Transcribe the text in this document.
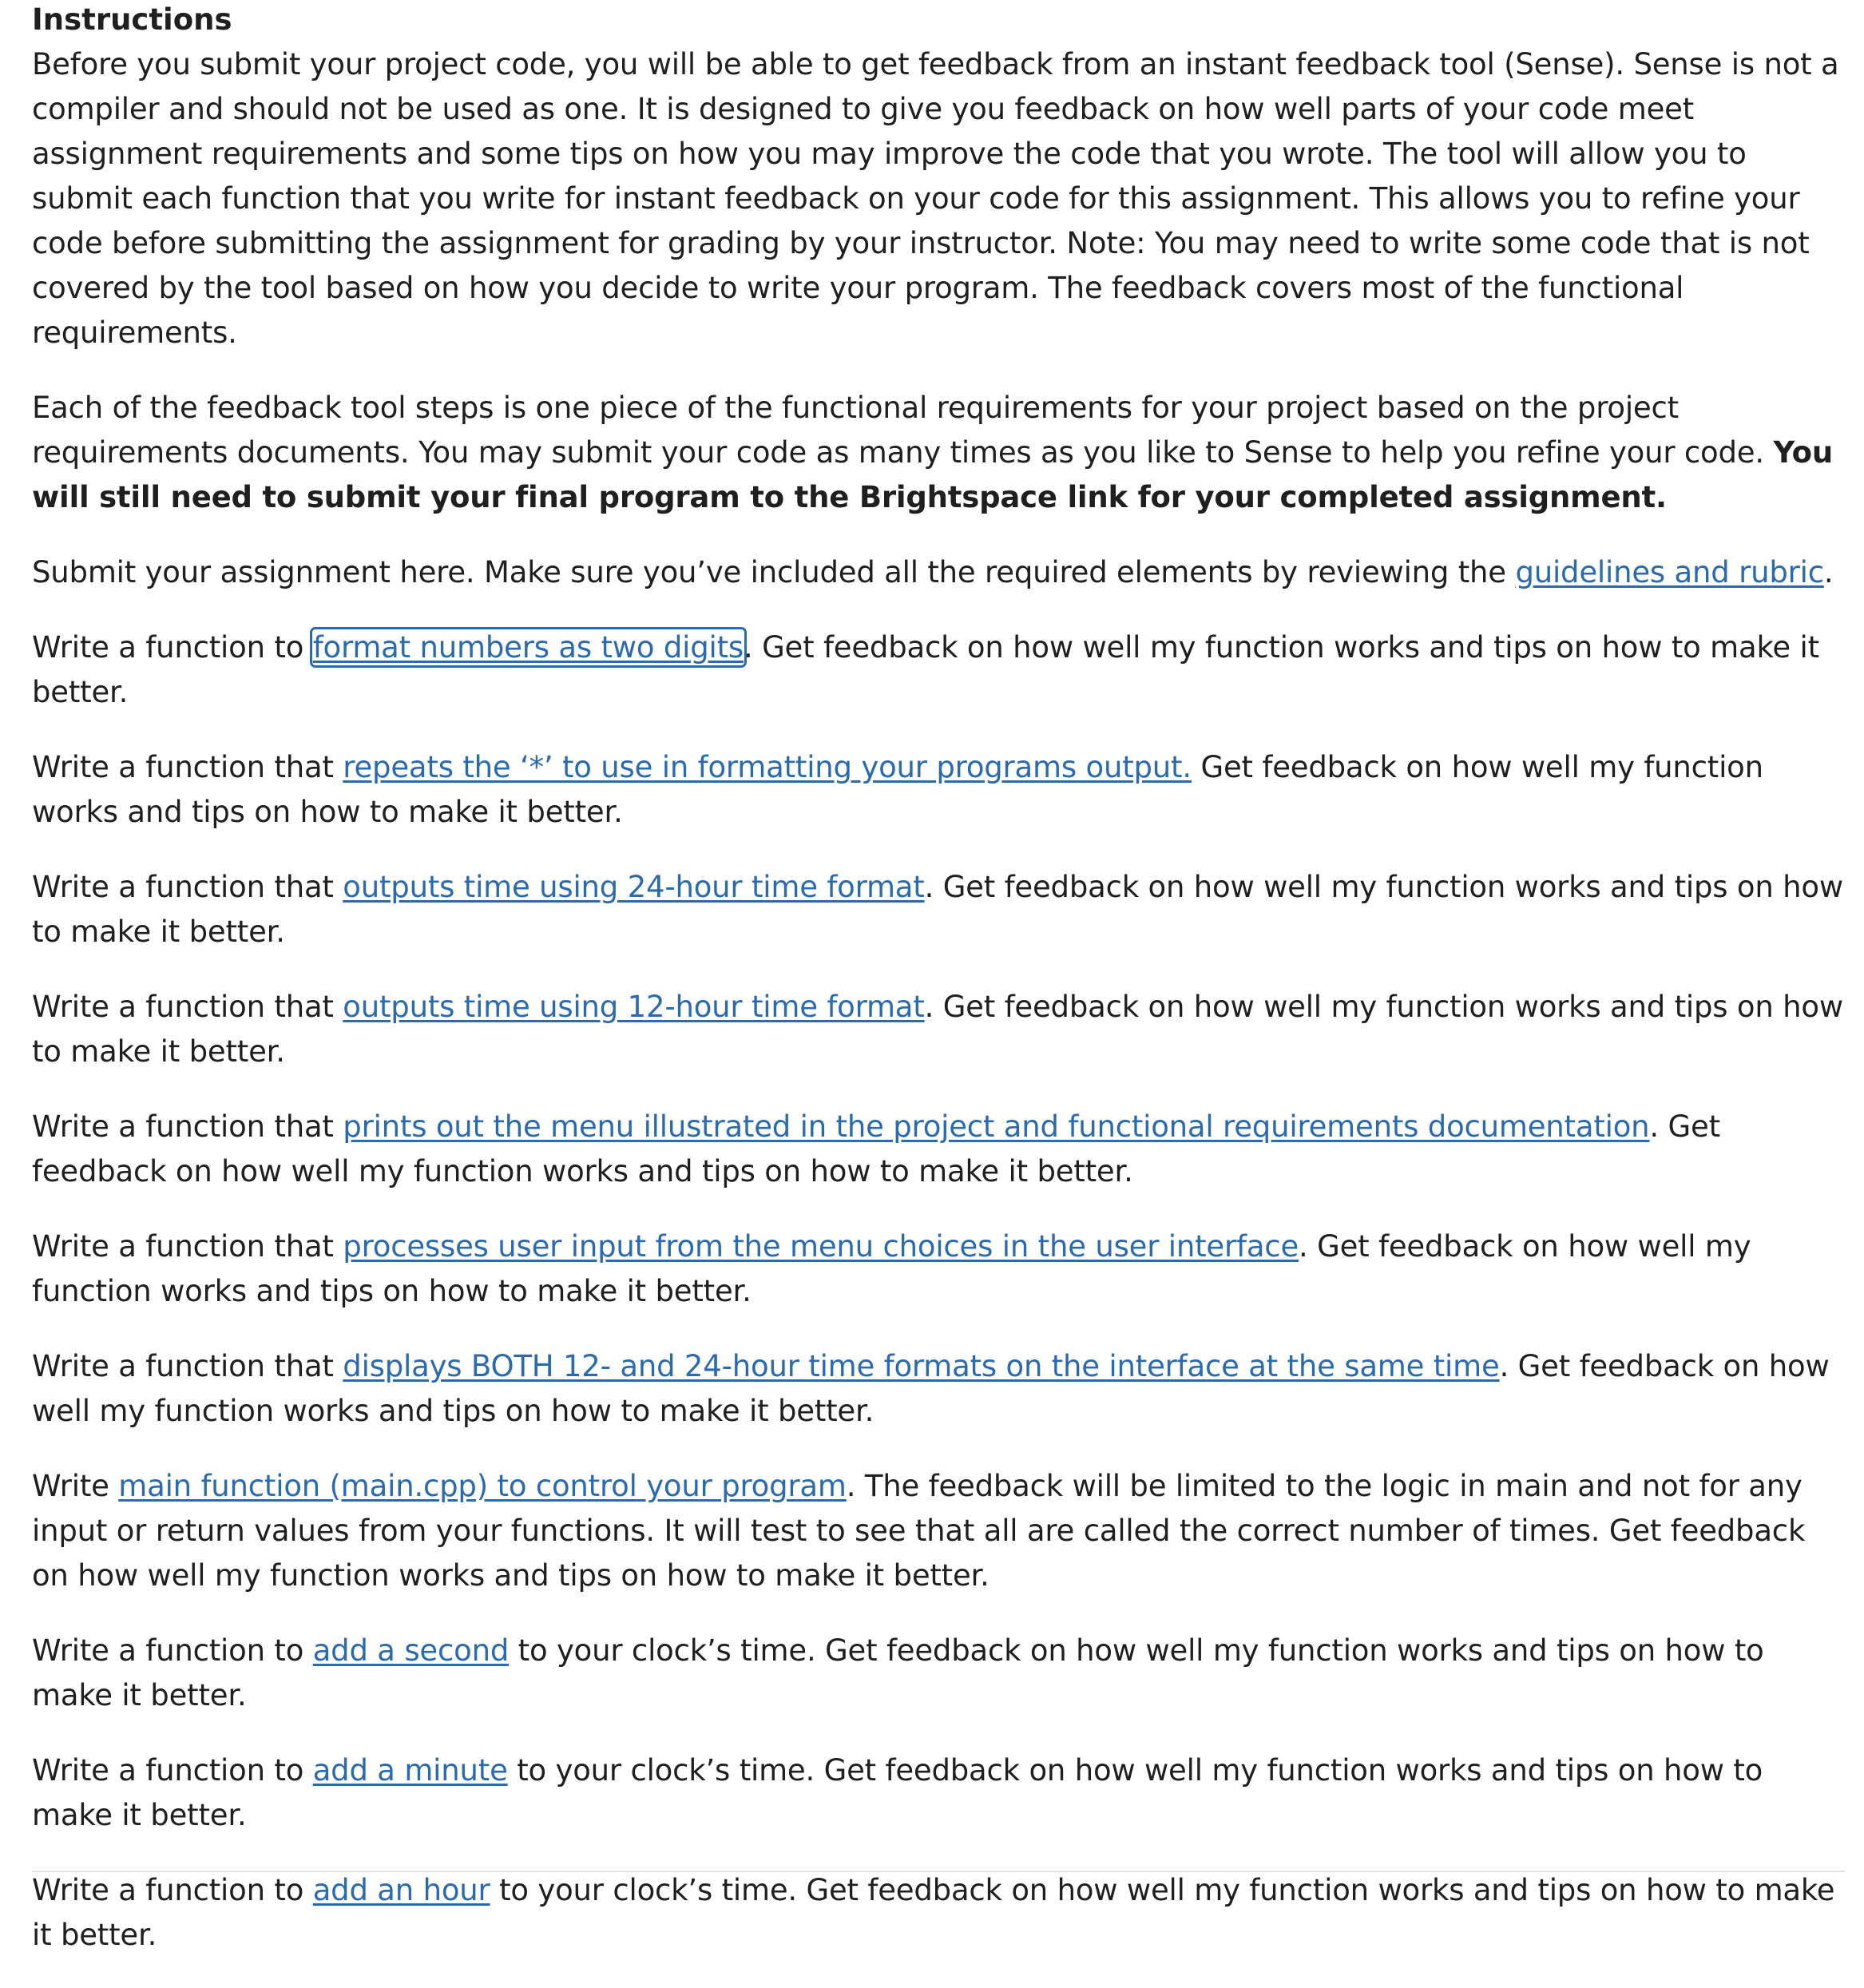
Instructions

Before you submit your project code, you will be able to get feedback from an instant feedback tool (Sense). Sense is not a compiler and should not be used as one. It is designed to give you feedback on how well parts of your code meet assignment requirements and some tips on how you may improve the code that you wrote. The tool will allow you to submit each function that you write for instant feedback on your code for this assignment. This allows you to refine your code before submitting the assignment for grading by your instructor. Note: You may need to write some code that is not covered by the tool based on how you decide to write your program. The feedback covers most of the functional requirements.

Each of the feedback tool steps is one piece of the functional requirements for your project based on the project requirements documents. You may submit your code as many times as you like to Sense to help you refine your code. You will still need to submit your final program to the Brightspace link for your completed assignment.

Submit your assignment here. Make sure you’ve included all the required elements by reviewing the guidelines and rubric.

Write a function to format numbers as two digits. Get feedback on how well my function works and tips on how to make it better.

Write a function that repeats the ‘*’ to use in formatting your programs output. Get feedback on how well my function works and tips on how to make it better.

Write a function that outputs time using 24-hour time format. Get feedback on how well my function works and tips on how to make it better.

Write a function that outputs time using 12-hour time format. Get feedback on how well my function works and tips on how to make it better.

Write a function that prints out the menu illustrated in the project and functional requirements documentation. Get feedback on how well my function works and tips on how to make it better.

Write a function that processes user input from the menu choices in the user interface. Get feedback on how well my function works and tips on how to make it better.

Write a function that displays BOTH 12- and 24-hour time formats on the interface at the same time. Get feedback on how well my function works and tips on how to make it better.

Write main function (main.cpp) to control your program. The feedback will be limited to the logic in main and not for any input or return values from your functions. It will test to see that all are called the correct number of times. Get feedback on how well my function works and tips on how to make it better.

Write a function to add a second to your clock’s time. Get feedback on how well my function works and tips on how to make it better.

Write a function to add a minute to your clock’s time. Get feedback on how well my function works and tips on how to make it better.

Write a function to add an hour to your clock’s time. Get feedback on how well my function works and tips on how to make it better.
